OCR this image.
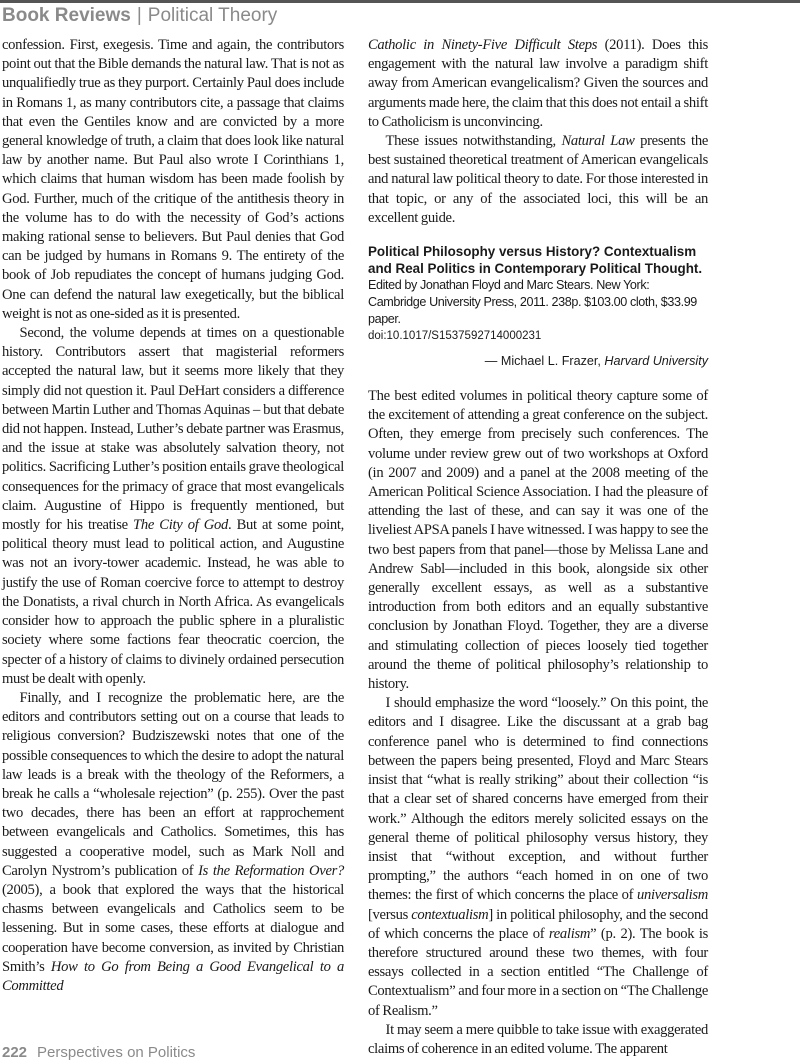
Book Reviews | Political Theory

confession. First, exegesis. Time and again, the contributors point out that the Bible demands the natural law. That is not as unqualifiedly true as they purport. Certainly Paul does include in Romans 1, as many contributors cite, a passage that claims that even the Gentiles know and are convicted by a more general knowledge of truth, a claim that does look like natural law by another name. But Paul also wrote I Corinthians 1, which claims that human wisdom has been made foolish by God. Further, much of the critique of the antithesis theory in the volume has to do with the necessity of God’s actions making rational sense to believers. But Paul denies that God can be judged by humans in Romans 9. The entirety of the book of Job repudiates the concept of humans judging God. One can defend the natural law exegetically, but the biblical weight is not as one-sided as it is presented.

Second, the volume depends at times on a questionable history. Contributors assert that magisterial reformers accepted the natural law, but it seems more likely that they simply did not question it. Paul DeHart considers a difference between Martin Luther and Thomas Aquinas – but that debate did not happen. Instead, Luther’s debate partner was Erasmus, and the issue at stake was absolutely salvation theory, not politics. Sacrificing Luther’s position entails grave theological consequences for the primacy of grace that most evangelicals claim. Augustine of Hippo is frequently mentioned, but mostly for his treatise The City of God. But at some point, political theory must lead to political action, and Augustine was not an ivory-tower academic. Instead, he was able to justify the use of Roman coercive force to attempt to destroy the Donatists, a rival church in North Africa. As evangelicals consider how to approach the public sphere in a pluralistic society where some factions fear theocratic coercion, the specter of a history of claims to divinely ordained persecution must be dealt with openly.

Finally, and I recognize the problematic here, are the editors and contributors setting out on a course that leads to religious conversion? Budziszewski notes that one of the possible consequences to which the desire to adopt the natural law leads is a break with the theology of the Reformers, a break he calls a “wholesale rejection” (p. 255). Over the past two decades, there has been an effort at rapprochement between evangelicals and Catholics. Sometimes, this has suggested a cooperative model, such as Mark Noll and Carolyn Nystrom’s publication of Is the Reformation Over? (2005), a book that explored the ways that the historical chasms between evangelicals and Catholics seem to be lessening. But in some cases, these efforts at dialogue and cooperation have become conversion, as invited by Christian Smith’s How to Go from Being a Good Evangelical to a Committed

Catholic in Ninety-Five Difficult Steps (2011). Does this engagement with the natural law involve a paradigm shift away from American evangelicalism? Given the sources and arguments made here, the claim that this does not entail a shift to Catholicism is unconvincing.

These issues notwithstanding, Natural Law presents the best sustained theoretical treatment of American evangelicals and natural law political theory to date. For those interested in that topic, or any of the associated loci, this will be an excellent guide.

Political Philosophy versus History? Contextualism and Real Politics in Contemporary Political Thought.
Edited by Jonathan Floyd and Marc Stears. New York: Cambridge University Press, 2011. 238p. $103.00 cloth, $33.99 paper.
doi:10.1017/S1537592714000231
— Michael L. Frazer, Harvard University

The best edited volumes in political theory capture some of the excitement of attending a great conference on the subject. Often, they emerge from precisely such conferences. The volume under review grew out of two workshops at Oxford (in 2007 and 2009) and a panel at the 2008 meeting of the American Political Science Association. I had the pleasure of attending the last of these, and can say it was one of the liveliest APSA panels I have witnessed. I was happy to see the two best papers from that panel—those by Melissa Lane and Andrew Sabl—included in this book, alongside six other generally excellent essays, as well as a substantive introduction from both editors and an equally substantive conclusion by Jonathan Floyd. Together, they are a diverse and stimulating collection of pieces loosely tied together around the theme of political philosophy’s relationship to history.

I should emphasize the word “loosely.” On this point, the editors and I disagree. Like the discussant at a grab bag conference panel who is determined to find connections between the papers being presented, Floyd and Marc Stears insist that “what is really striking” about their collection “is that a clear set of shared concerns have emerged from their work.” Although the editors merely solicited essays on the general theme of political philosophy versus history, they insist that “without exception, and without further prompting,” the authors “each homed in on one of two themes: the first of which concerns the place of universalism [versus contextualism] in political philosophy, and the second of which concerns the place of realism” (p. 2). The book is therefore structured around these two themes, with four essays collected in a section entitled “The Challenge of Contextualism” and four more in a section on “The Challenge of Realism.”

It may seem a mere quibble to take issue with exaggerated claims of coherence in an edited volume. The apparent

222 Perspectives on Politics
